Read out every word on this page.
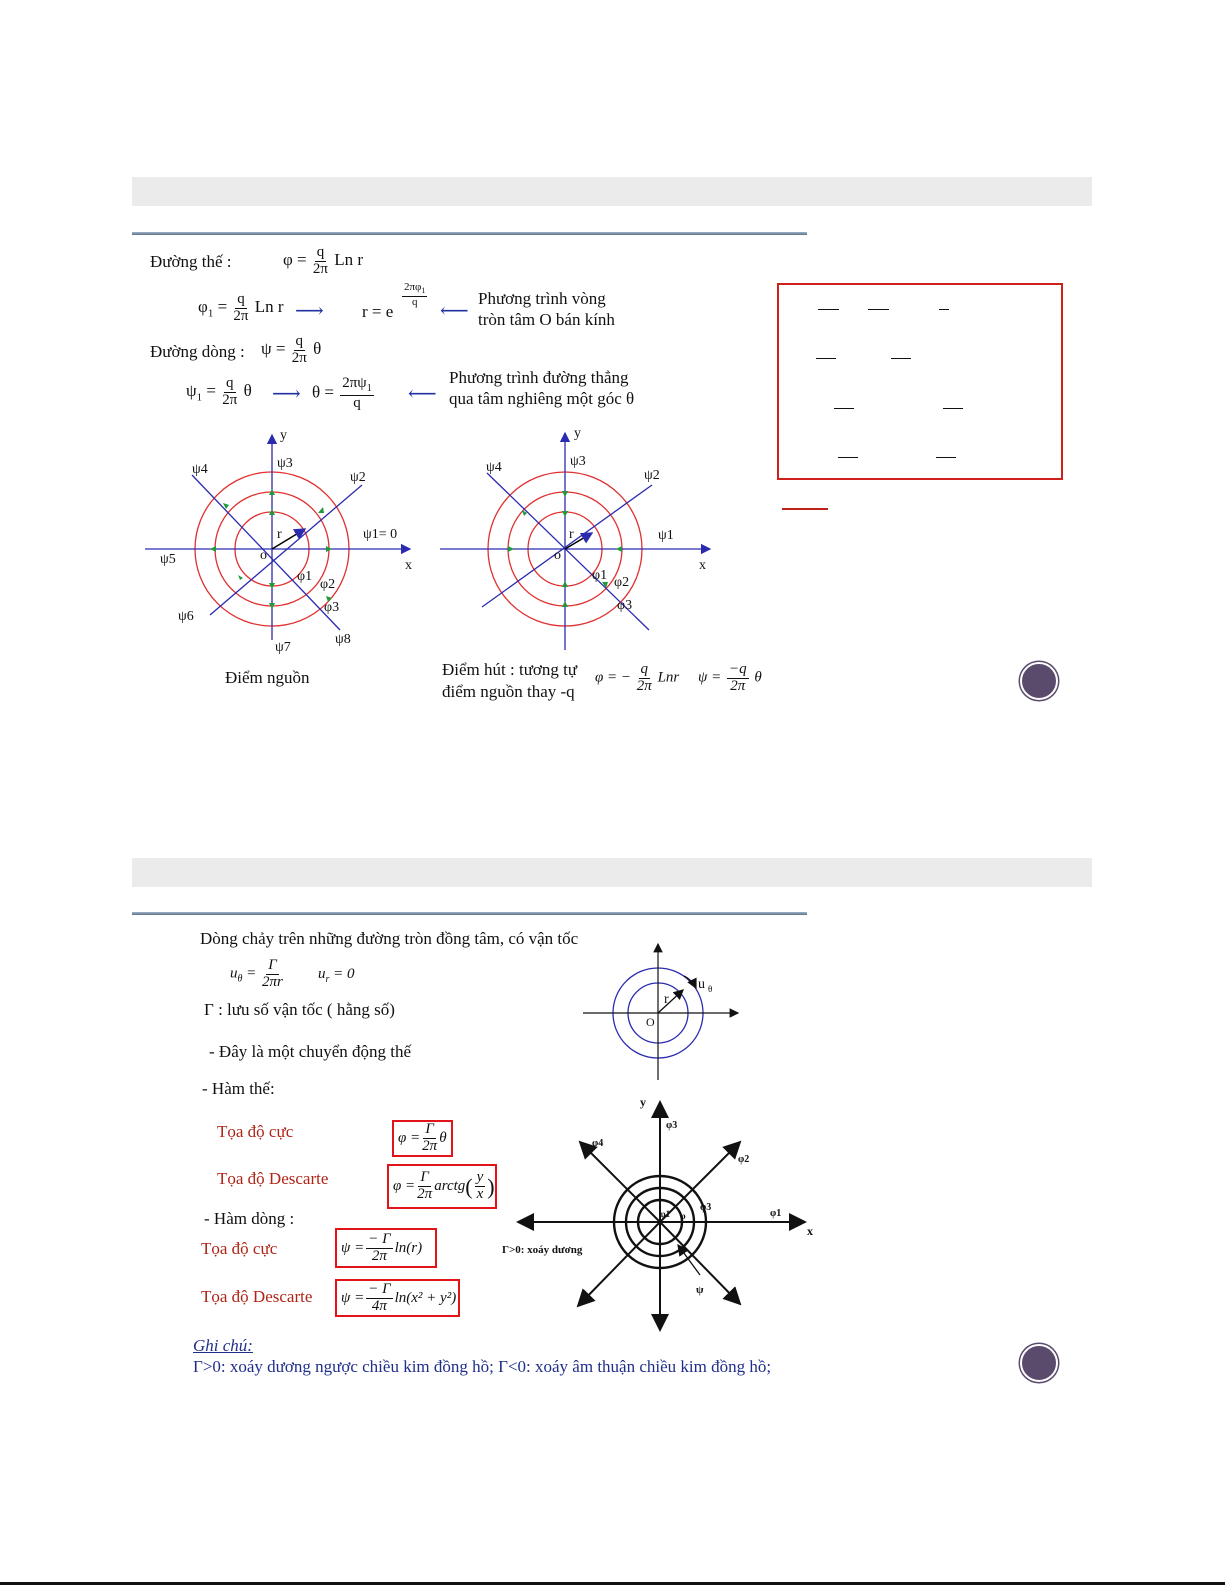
Đường thế :	$\varphi = \frac{q}{2\pi}$ Ln r
$\varphi_1 = \frac{q}{2\pi}$ Ln r ⟶ r = e
$\frac{2\pi\varphi_1}{q}$
⟵
Phương trình vòng
tròn tâm O bán kính
Đường dòng : $\psi = \frac{q}{2\pi}$ θ
$\psi_1 = \frac{q}{2\pi}$ θ ⟶ $\theta = \frac{2\pi\psi_1}{q}$ ⟵
Phương trình đường thẳng
qua tâm nghiêng một góc θ
y
x
o
r
ψ3
ψ2
ψ4
ψ1= 0
ψ5
ψ6
ψ7
ψ8
φ1
φ2
φ3
y
x
o
r
ψ3
ψ2
ψ4
ψ1
φ1 φ2
φ3
Điểm nguồn	Điểm hút : tương tự
điểm nguồn thay -q
φ = − $\frac{q}{2\pi}$ Lnr $\psi = \frac{-q}{2\pi}$ θ
Dòng chảy trên những đường tròn đồng tâm, có vận tốc
$u_\theta = \frac{\Gamma}{2\pi r} u_r = 0$
Γ : lưu số vận tốc ( hằng số)
- Đây là một chuyển động thế
- Hàm thế:
Tọa độ cực
Tọa độ Descarte
- Hàm dòng :
Tọa độ cực
Tọa độ Descarte
$\varphi = \frac{\Gamma}{2\pi}$ θ
$\varphi = \frac{\Gamma}{2\pi}$ arctg ( $\frac{y}{x}$ )
$\psi = \frac{- \Gamma}{2\pi} \ln(r)$
$\psi = \frac{- \Gamma}{4\pi} \ln(x^2 + y^2)$
r
O
u θ
y
x
φ3
φ2
φ4
φ1
φ3
φ1 φ
ψ
Γ>0: xoáy dương
Ghi chú:
Γ>0: xoáy dương ngược chiều kim đồng hồ; Γ<0: xoáy âm thuận chiều kim đồng hồ;
